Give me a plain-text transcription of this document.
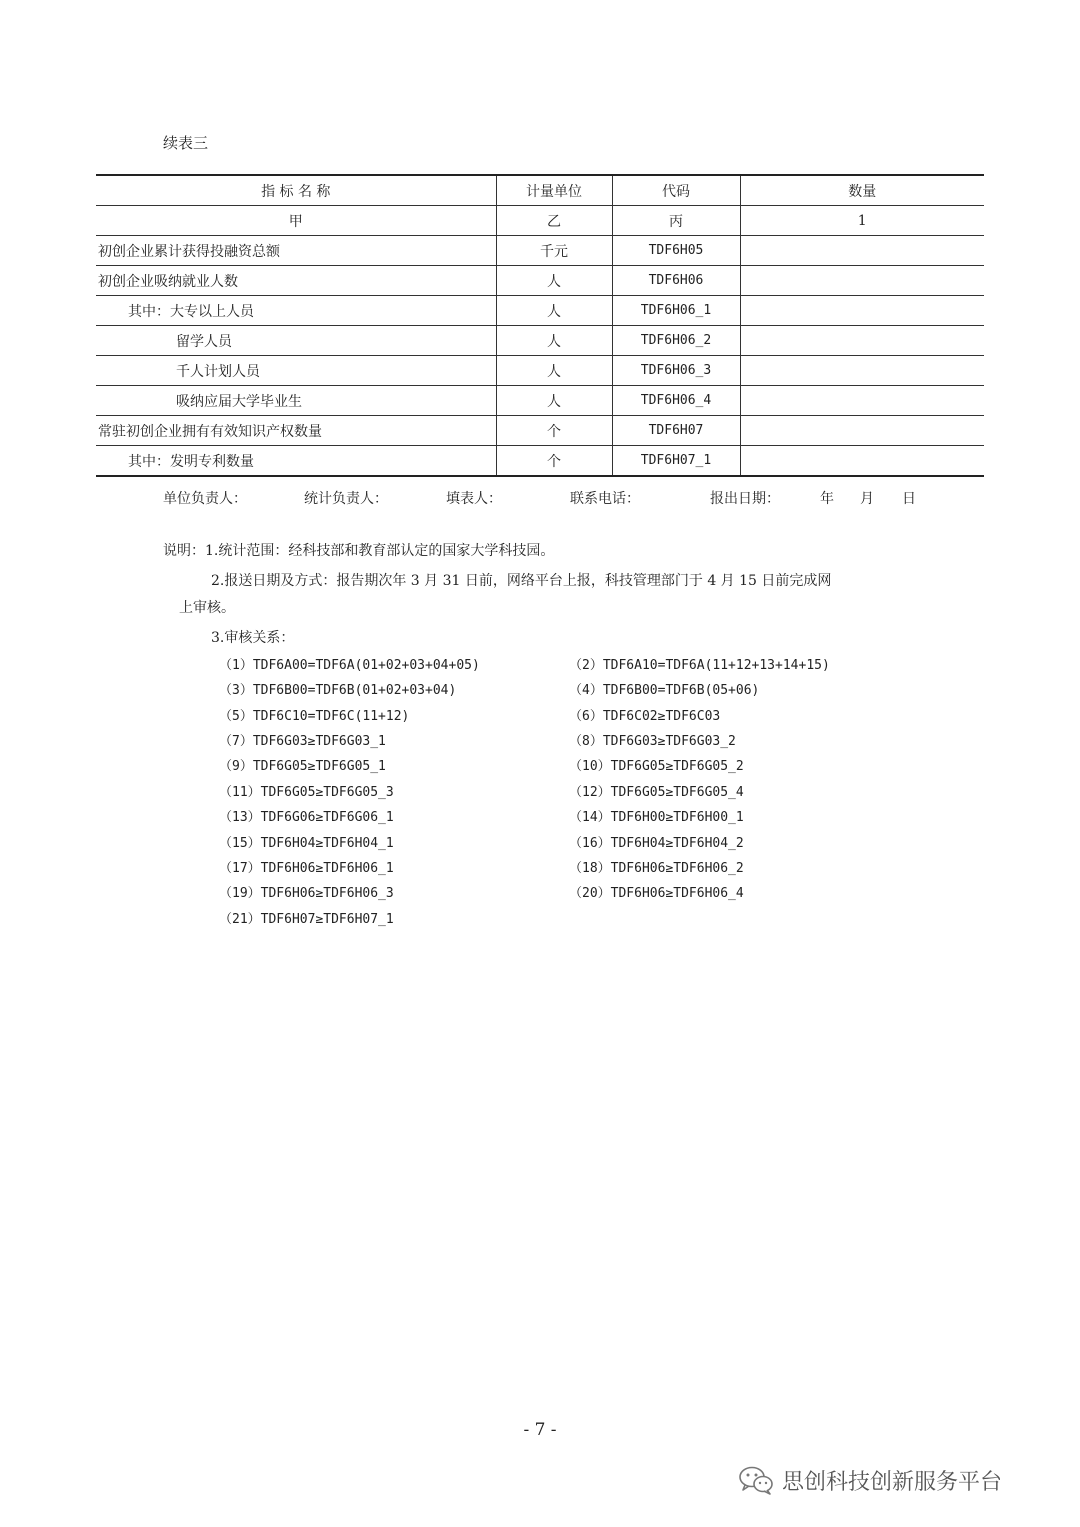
续表三
指 标 名 称	计量单位	代码	数量
甲	乙	丙	1
初创企业累计获得投融资总额	千元	TDF6H05	
初创企业吸纳就业人数	人	TDF6H06	
其中：大专以上人员	人	TDF6H06_1	
留学人员	人	TDF6H06_2	
千人计划人员	人	TDF6H06_3	
吸纳应届大学毕业生	人	TDF6H06_4	
常驻初创企业拥有有效知识产权数量	个	TDF6H07	
其中：发明专利数量	个	TDF6H07_1	
单位负责人：	统计负责人：	填表人：	联系电话：	报出日期：	年 月 日
说明：1.统计范围：经科技部和教育部认定的国家大学科技园。
2.报送日期及方式：报告期次年 3 月 31 日前，网络平台上报，科技管理部门于 4 月 15 日前完成网
上审核。
3.审核关系：
（1）TDF6A00=TDF6A(01+02+03+04+05)	（2）TDF6A10=TDF6A(11+12+13+14+15)
（3）TDF6B00=TDF6B(01+02+03+04)	（4）TDF6B00=TDF6B(05+06)
（5）TDF6C10=TDF6C(11+12)	（6）TDF6C02≥TDF6C03
（7）TDF6G03≥TDF6G03_1	（8）TDF6G03≥TDF6G03_2
（9）TDF6G05≥TDF6G05_1	（10）TDF6G05≥TDF6G05_2
（11）TDF6G05≥TDF6G05_3	（12）TDF6G05≥TDF6G05_4
（13）TDF6G06≥TDF6G06_1	（14）TDF6H00≥TDF6H00_1
（15）TDF6H04≥TDF6H04_1	（16）TDF6H04≥TDF6H04_2
（17）TDF6H06≥TDF6H06_1	（18）TDF6H06≥TDF6H06_2
（19）TDF6H06≥TDF6H06_3	（20）TDF6H06≥TDF6H06_4
（21）TDF6H07≥TDF6H07_1
- 7 -
思创科技创新服务平台
